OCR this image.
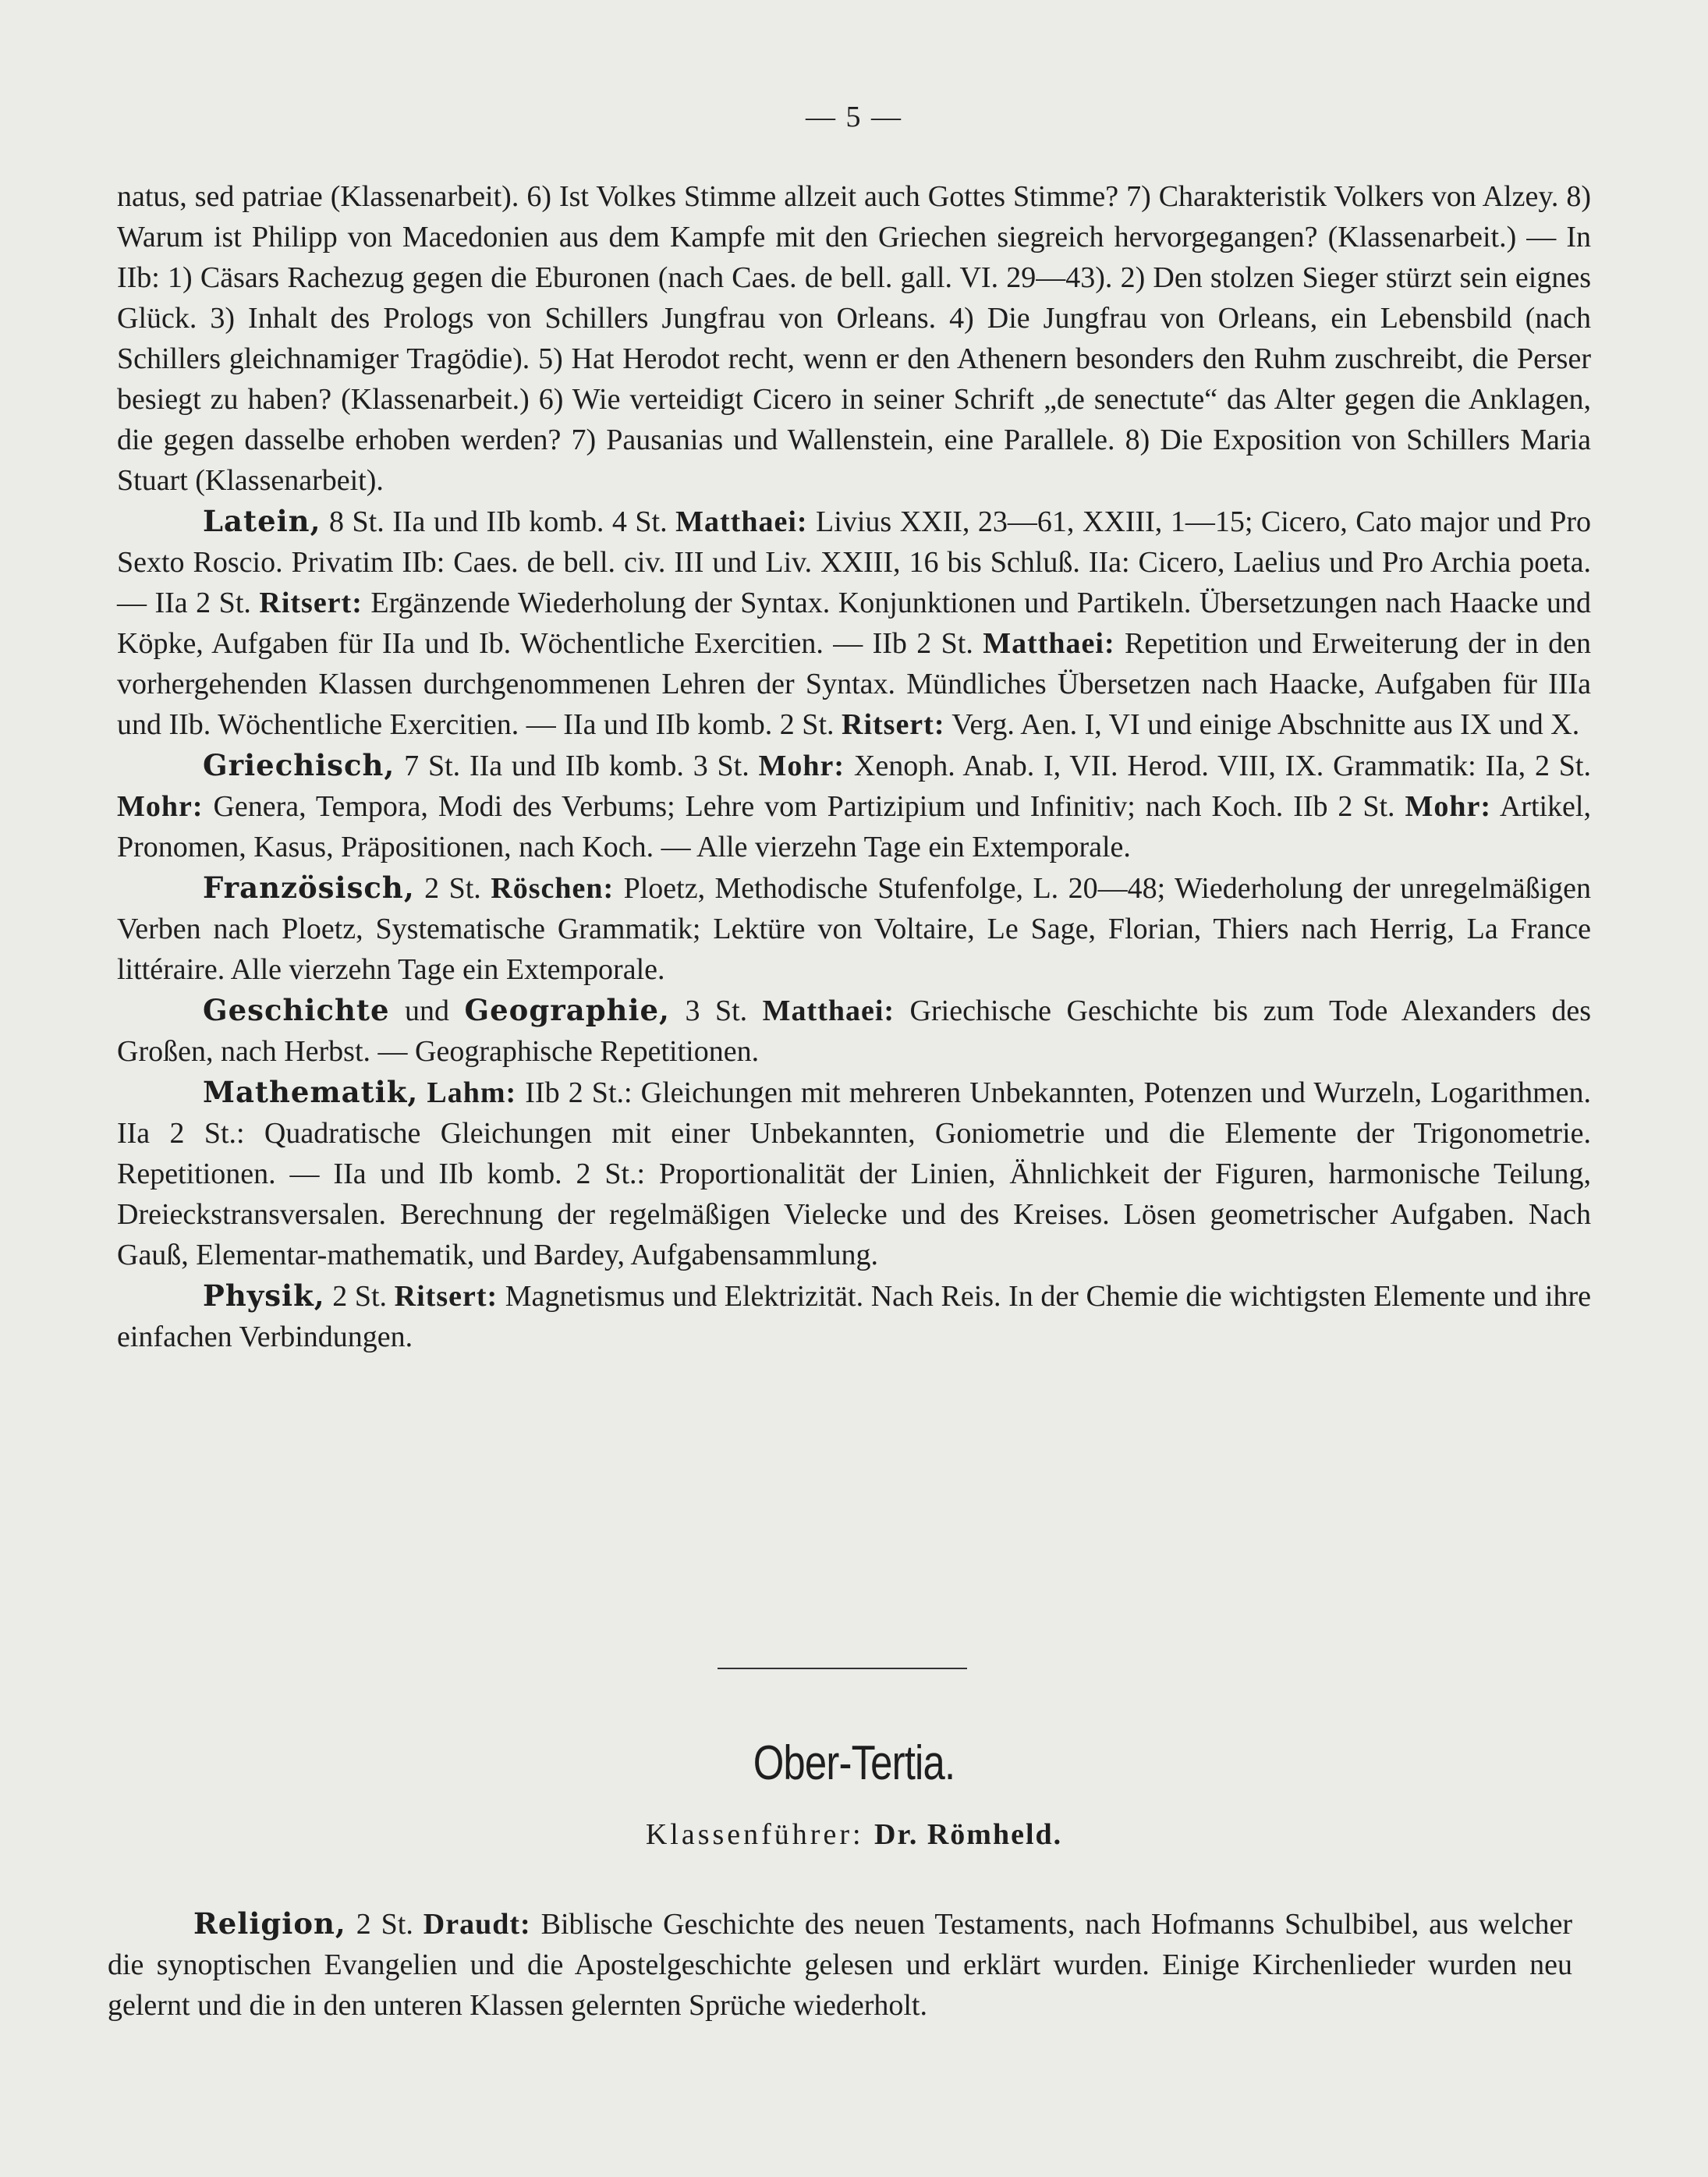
— 5 —

natus, sed patriae (Klassenarbeit). 6) Ist Volkes Stimme allzeit auch Gottes Stimme? 7) Charakteristik Volkers von Alzey. 8) Warum ist Philipp von Macedonien aus dem Kampfe mit den Griechen siegreich hervorgegangen? (Klassenarbeit.) — In IIb: 1) Cäsars Rachezug gegen die Eburonen (nach Caes. de bell. gall. VI. 29—43). 2) Den stolzen Sieger stürzt sein eignes Glück. 3) Inhalt des Prologs von Schillers Jungfrau von Orleans. 4) Die Jungfrau von Orleans, ein Lebensbild (nach Schillers gleichnamiger Tragödie). 5) Hat Herodot recht, wenn er den Athenern besonders den Ruhm zuschreibt, die Perser besiegt zu haben? (Klassenarbeit.) 6) Wie verteidigt Cicero in seiner Schrift „de senectute“ das Alter gegen die Anklagen, die gegen dasselbe erhoben werden? 7) Pausanias und Wallenstein, eine Parallele. 8) Die Exposition von Schillers Maria Stuart (Klassenarbeit).

Latein, 8 St. IIa und IIb komb. 4 St. Matthaei: Livius XXII, 23—61, XXIII, 1—15; Cicero, Cato major und Pro Sexto Roscio. Privatim IIb: Caes. de bell. civ. III und Liv. XXIII, 16 bis Schluß. IIa: Cicero, Laelius und Pro Archia poeta. — IIa 2 St. Ritsert: Ergänzende Wiederholung der Syntax. Konjunktionen und Partikeln. Übersetzungen nach Haacke und Köpke, Aufgaben für IIa und Ib. Wöchentliche Exercitien. — IIb 2 St. Matthaei: Repetition und Erweiterung der in den vorhergehenden Klassen durchgenommenen Lehren der Syntax. Mündliches Übersetzen nach Haacke, Aufgaben für IIIa und IIb. Wöchentliche Exercitien. — IIa und IIb komb. 2 St. Ritsert: Verg. Aen. I, VI und einige Abschnitte aus IX und X.

Griechisch, 7 St. IIa und IIb komb. 3 St. Mohr: Xenoph. Anab. I, VII. Herod. VIII, IX. Grammatik: IIa, 2 St. Mohr: Genera, Tempora, Modi des Verbums; Lehre vom Partizipium und Infinitiv; nach Koch. IIb 2 St. Mohr: Artikel, Pronomen, Kasus, Präpositionen, nach Koch. — Alle vierzehn Tage ein Extemporale.

Französisch, 2 St. Röschen: Ploetz, Methodische Stufenfolge, L. 20—48; Wiederholung der unregelmäßigen Verben nach Ploetz, Systematische Grammatik; Lektüre von Voltaire, Le Sage, Florian, Thiers nach Herrig, La France littéraire. Alle vierzehn Tage ein Extemporale.

Geschichte und Geographie, 3 St. Matthaei: Griechische Geschichte bis zum Tode Alexanders des Großen, nach Herbst. — Geographische Repetitionen.

Mathematik, Lahm: IIb 2 St.: Gleichungen mit mehreren Unbekannten, Potenzen und Wurzeln, Logarithmen. IIa 2 St.: Quadratische Gleichungen mit einer Unbekannten, Goniometrie und die Elemente der Trigonometrie. Repetitionen. — IIa und IIb komb. 2 St.: Proportionalität der Linien, Ähnlichkeit der Figuren, harmonische Teilung, Dreieckstransversalen. Berechnung der regelmäßigen Vielecke und des Kreises. Lösen geometrischer Aufgaben. Nach Gauß, Elementar-mathematik, und Bardey, Aufgabensammlung.

Physik, 2 St. Ritsert: Magnetismus und Elektrizität. Nach Reis. In der Chemie die wichtigsten Elemente und ihre einfachen Verbindungen.

Ober-Tertia.
Klassenführer: Dr. Römheld.

Religion, 2 St. Draudt: Biblische Geschichte des neuen Testaments, nach Hofmanns Schulbibel, aus welcher die synoptischen Evangelien und die Apostelgeschichte gelesen und erklärt wurden. Einige Kirchenlieder wurden neu gelernt und die in den unteren Klassen gelernten Sprüche wiederholt.
